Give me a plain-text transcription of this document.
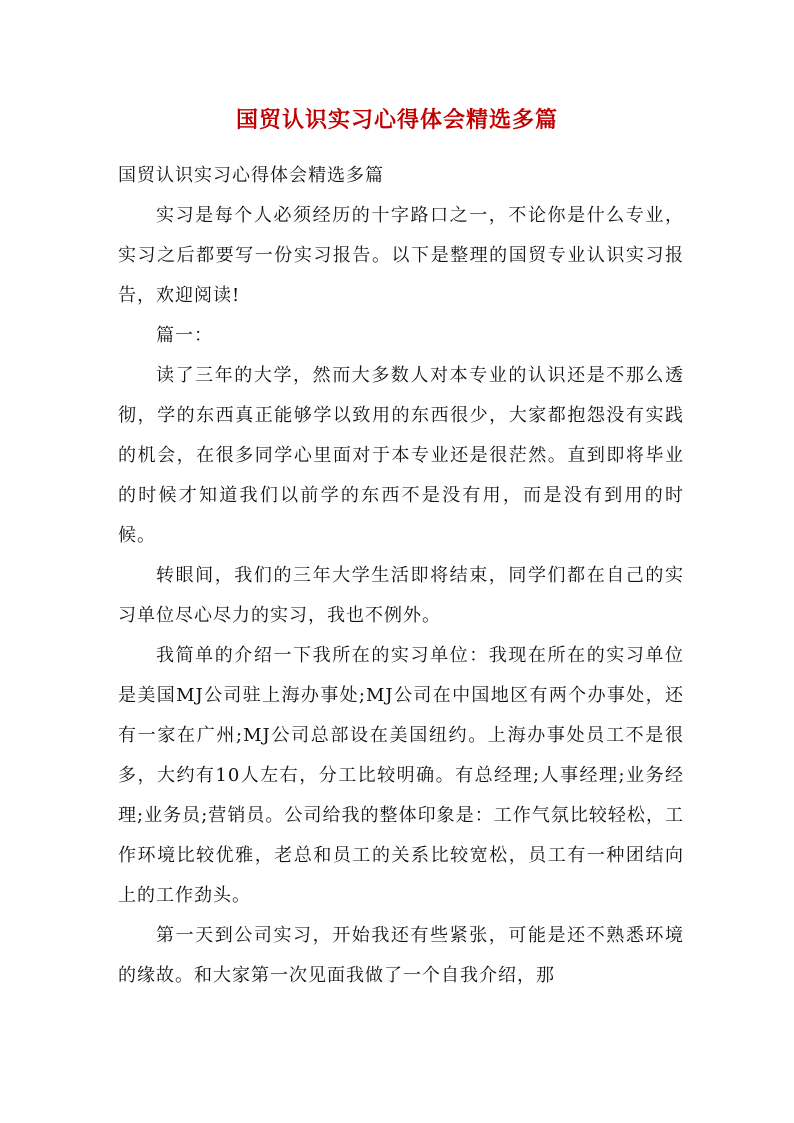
国贸认识实习心得体会精选多篇

国贸认识实习心得体会精选多篇

实习是每个人必须经历的十字路口之一，不论你是什么专业，实习之后都要写一份实习报告。以下是整理的国贸专业认识实习报告，欢迎阅读!

篇一：

读了三年的大学，然而大多数人对本专业的认识还是不那么透彻，学的东西真正能够学以致用的东西很少，大家都抱怨没有实践的机会，在很多同学心里面对于本专业还是很茫然。直到即将毕业的时候才知道我们以前学的东西不是没有用，而是没有到用的时候。

转眼间，我们的三年大学生活即将结束，同学们都在自己的实习单位尽心尽力的实习，我也不例外。

我简单的介绍一下我所在的实习单位：我现在所在的实习单位是美国MJ公司驻上海办事处;MJ公司在中国地区有两个办事处，还有一家在广州;MJ公司总部设在美国纽约。上海办事处员工不是很多，大约有10人左右，分工比较明确。有总经理;人事经理;业务经理;业务员;营销员。公司给我的整体印象是：工作气氛比较轻松，工作环境比较优雅，老总和员工的关系比较宽松，员工有一种团结向上的工作劲头。

第一天到公司实习，开始我还有些紧张，可能是还不熟悉环境的缘故。和大家第一次见面我做了一个自我介绍，那
